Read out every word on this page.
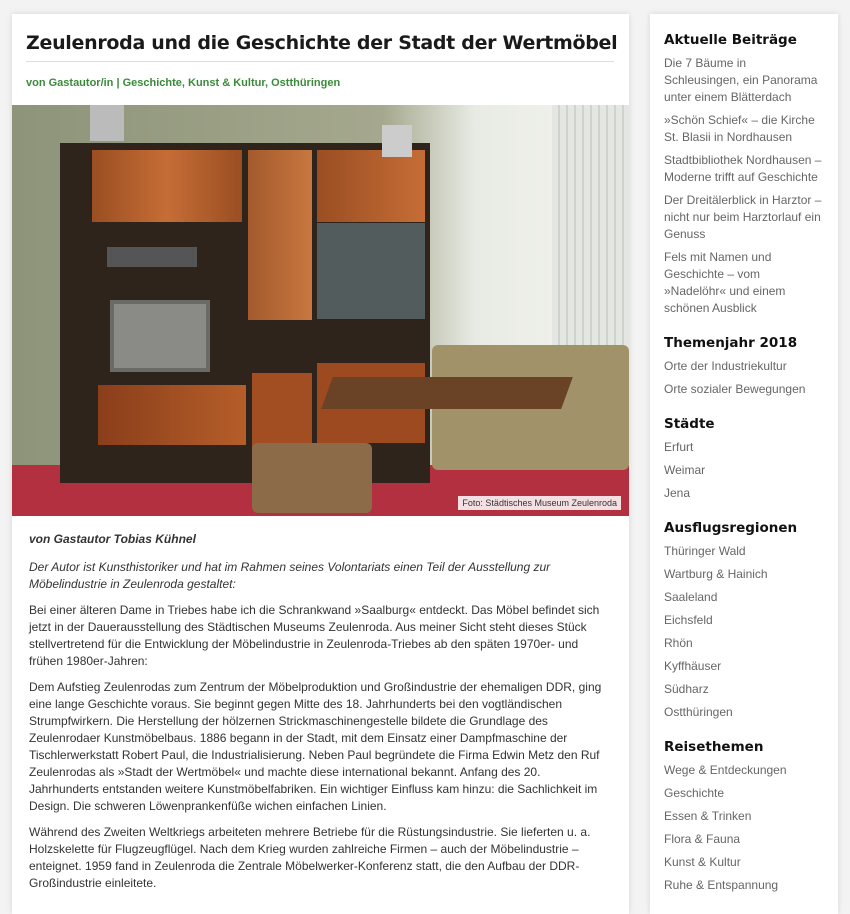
Zeulenroda und die Geschichte der Stadt der Wertmöbel
von Gastautor/in | Geschichte, Kunst & Kultur, Ostthüringen
Foto: Städtisches Museum Zeulenroda

von Gastautor Tobias Kühnel

Der Autor ist Kunsthistoriker und hat im Rahmen seines Volontariats einen Teil der Ausstellung zur Möbelindustrie in Zeulenroda gestaltet:

Bei einer älteren Dame in Triebes habe ich die Schrankwand »Saalburg« entdeckt. Das Möbel befindet sich jetzt in der Dauerausstellung des Städtischen Museums Zeulenroda. Aus meiner Sicht steht dieses Stück stellvertretend für die Entwicklung der Möbelindustrie in Zeulenroda-Triebes ab den späten 1970er- und frühen 1980er-Jahren:

Dem Aufstieg Zeulenrodas zum Zentrum der Möbelproduktion und Großindustrie der ehemaligen DDR, ging eine lange Geschichte voraus. Sie beginnt gegen Mitte des 18. Jahrhunderts bei den vogtländischen Strumpfwirkern. Die Herstellung der hölzernen Strickmaschinengestelle bildete die Grundlage des Zeulenrodaer Kunstmöbelbaus. 1886 begann in der Stadt, mit dem Einsatz einer Dampfmaschine der Tischlerwerkstatt Robert Paul, die Industrialisierung. Neben Paul begründete die Firma Edwin Metz den Ruf Zeulenrodas als »Stadt der Wertmöbel« und machte diese international bekannt. Anfang des 20. Jahrhunderts entstanden weitere Kunstmöbelfabriken. Ein wichtiger Einfluss kam hinzu: die Sachlichkeit im Design. Die schweren Löwenprankenfüße wichen einfachen Linien.

Während des Zweiten Weltkriegs arbeiteten mehrere Betriebe für die Rüstungsindustrie. Sie lieferten u. a. Holzskelette für Flugzeugflügel. Nach dem Krieg wurden zahlreiche Firmen – auch der Möbelindustrie – enteignet. 1959 fand in Zeulenroda die Zentrale Möbelwerker-Konferenz statt, die den Aufbau der DDR-Großindustrie einleitete.

Aktuelle Beiträge
Die 7 Bäume in Schleusingen, ein Panorama unter einem Blätterdach
»Schön Schief« – die Kirche St. Blasii in Nordhausen
Stadtbibliothek Nordhausen – Moderne trifft auf Geschichte
Der Dreitälerblick in Harztor – nicht nur beim Harztorlauf ein Genuss
Fels mit Namen und Geschichte – vom »Nadelöhr« und einem schönen Ausblick
Themenjahr 2018
Orte der Industriekultur
Orte sozialer Bewegungen
Städte
Erfurt
Weimar
Jena
Ausflugsregionen
Thüringer Wald
Wartburg & Hainich
Saaleland
Eichsfeld
Rhön
Kyffhäuser
Südharz
Ostthüringen
Reisethemen
Wege & Entdeckungen
Geschichte
Essen & Trinken
Flora & Fauna
Kunst & Kultur
Ruhe & Entspannung
